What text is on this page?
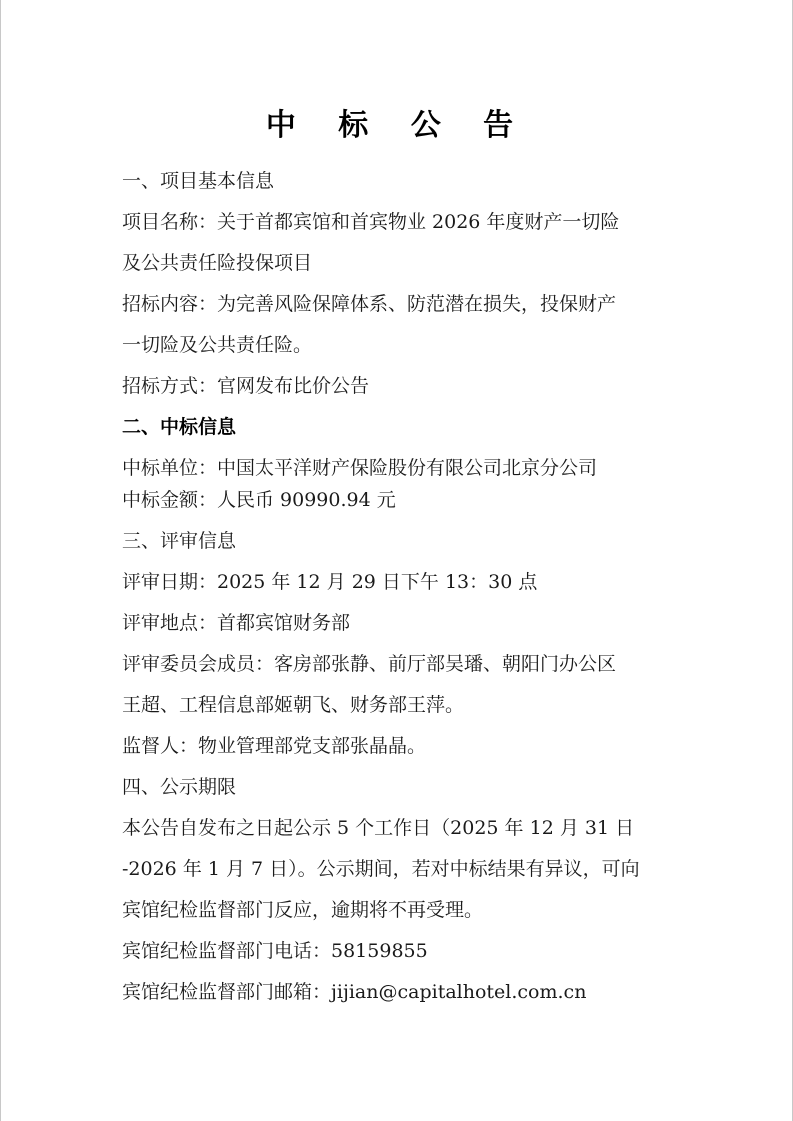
中 标 公 告
一、项目基本信息
项目名称：关于首都宾馆和首宾物业 2026 年度财产一切险
及公共责任险投保项目
招标内容：为完善风险保障体系、防范潜在损失，投保财产
一切险及公共责任险。
招标方式：官网发布比价公告
二、中标信息
中标单位：中国太平洋财产保险股份有限公司北京分公司
中标金额：人民币 90990.94 元
三、评审信息
评审日期：2025 年 12 月 29 日下午 13：30 点
评审地点：首都宾馆财务部
评审委员会成员：客房部张静、前厅部吴璠、朝阳门办公区
王超、工程信息部姬朝飞、财务部王萍。
监督人：物业管理部党支部张晶晶。
四、公示期限
本公告自发布之日起公示 5 个工作日（2025 年 12 月 31 日
-2026 年 1 月 7 日）。公示期间，若对中标结果有异议，可向
宾馆纪检监督部门反应，逾期将不再受理。
宾馆纪检监督部门电话：58159855
宾馆纪检监督部门邮箱：jijian@capitalhotel.com.cn
